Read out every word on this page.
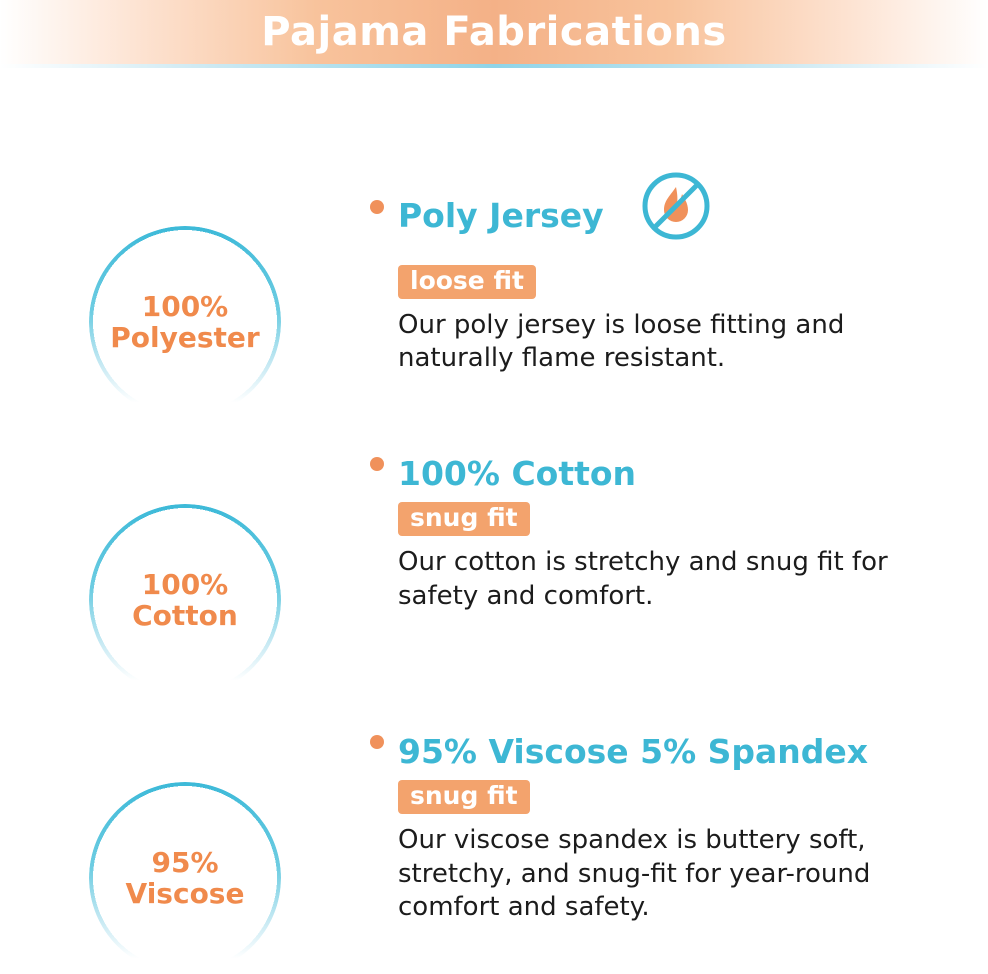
Pajama Fabrications
100%
Polyester
Poly Jersey
loose fit
Our poly jersey is loose fitting and naturally flame resistant.
100%
Cotton
100% Cotton
snug fit
Our cotton is stretchy and snug fit for safety and comfort.
95%
Viscose
95% Viscose 5% Spandex
snug fit
Our viscose spandex is buttery soft, stretchy, and snug-fit for year-round comfort and safety.
